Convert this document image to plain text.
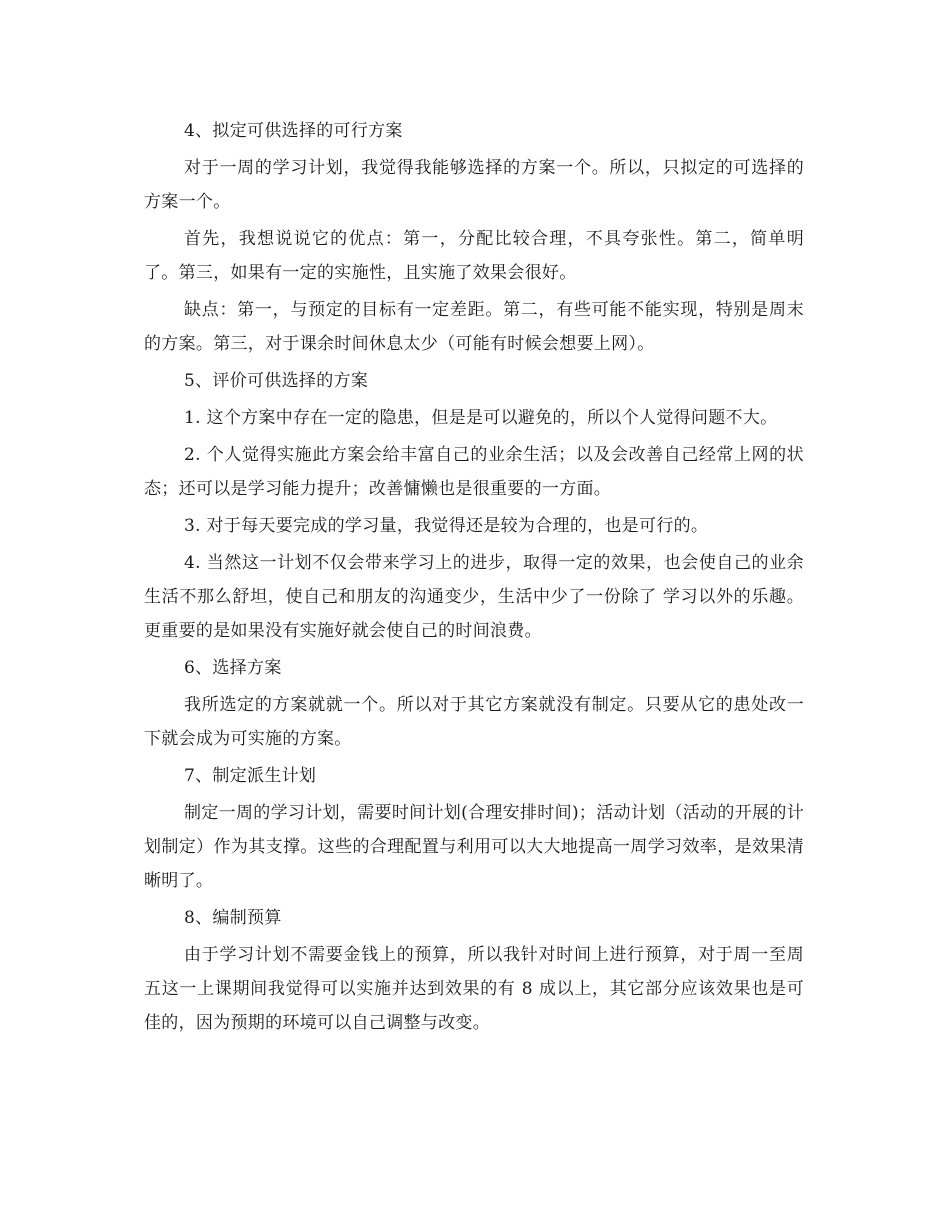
4、拟定可供选择的可行方案

对于一周的学习计划，我觉得我能够选择的方案一个。所以，只拟定的可选择的方案一个。

首先，我想说说它的优点：第一，分配比较合理，不具夸张性。第二，简单明了。第三，如果有一定的实施性，且实施了效果会很好。

缺点：第一，与预定的目标有一定差距。第二，有些可能不能实现，特别是周末的方案。第三，对于课余时间休息太少（可能有时候会想要上网）。

5、评价可供选择的方案

1. 这个方案中存在一定的隐患，但是是可以避免的，所以个人觉得问题不大。

2. 个人觉得实施此方案会给丰富自己的业余生活；以及会改善自己经常上网的状态；还可以是学习能力提升；改善慵懒也是很重要的一方面。

3. 对于每天要完成的学习量，我觉得还是较为合理的，也是可行的。

4. 当然这一计划不仅会带来学习上的进步，取得一定的效果，也会使自己的业余生活不那么舒坦，使自己和朋友的沟通变少，生活中少了一份除了 学习以外的乐趣。更重要的是如果没有实施好就会使自己的时间浪费。

6、选择方案

我所选定的方案就就一个。所以对于其它方案就没有制定。只要从它的患处改一下就会成为可实施的方案。

7、制定派生计划

制定一周的学习计划，需要时间计划(合理安排时间)；活动计划（活动的开展的计划制定）作为其支撑。这些的合理配置与利用可以大大地提高一周学习效率，是效果清晰明了。

8、编制预算

由于学习计划不需要金钱上的预算，所以我针对时间上进行预算，对于周一至周五这一上课期间我觉得可以实施并达到效果的有 8 成以上，其它部分应该效果也是可佳的，因为预期的环境可以自己调整与改变。
